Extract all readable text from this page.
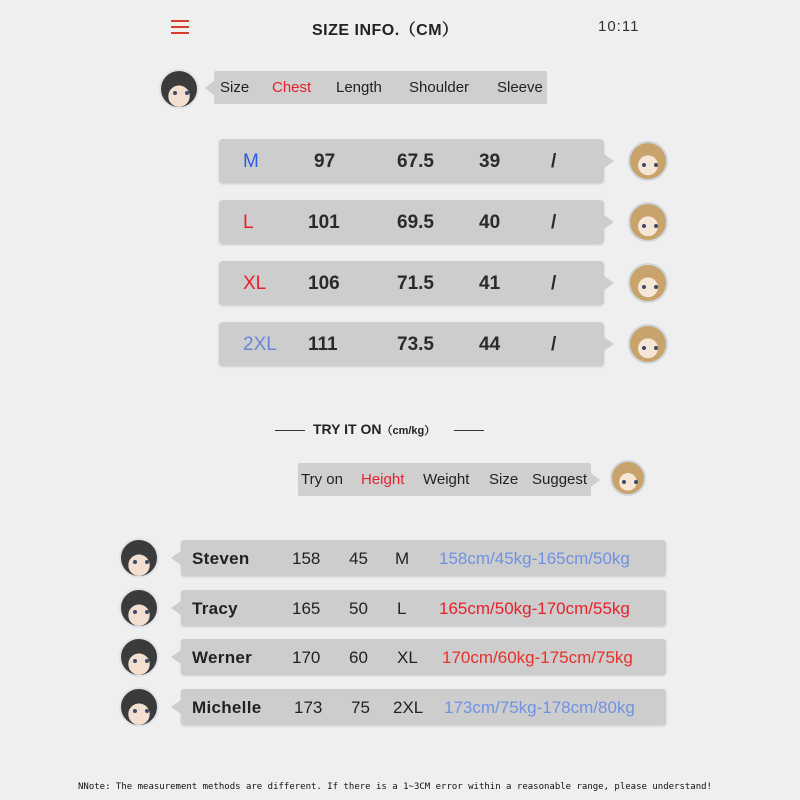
SIZE INFO.（CM）	10:11
Size Chest Length Shoulder Sleeve
M	97	67.5 39	/
L	101	69.5 40	/
XL 106	71.5 41	/
2XL 111	73.5 44	/
TRY IT ON（cm/kg）
Try on Height Weight Size Suggest
Steven 158 45 M 158cm/45kg-165cm/50kg
Tracy	165 50 L 165cm/50kg-170cm/55kg
Werner 170 60 XL 170cm/60kg-175cm/75kg
Michelle 173 75 2XL 173cm/75kg-178cm/80kg
NNote: The measurement methods are different. If there is a 1~3CM error within a reasonable range, please understand!
